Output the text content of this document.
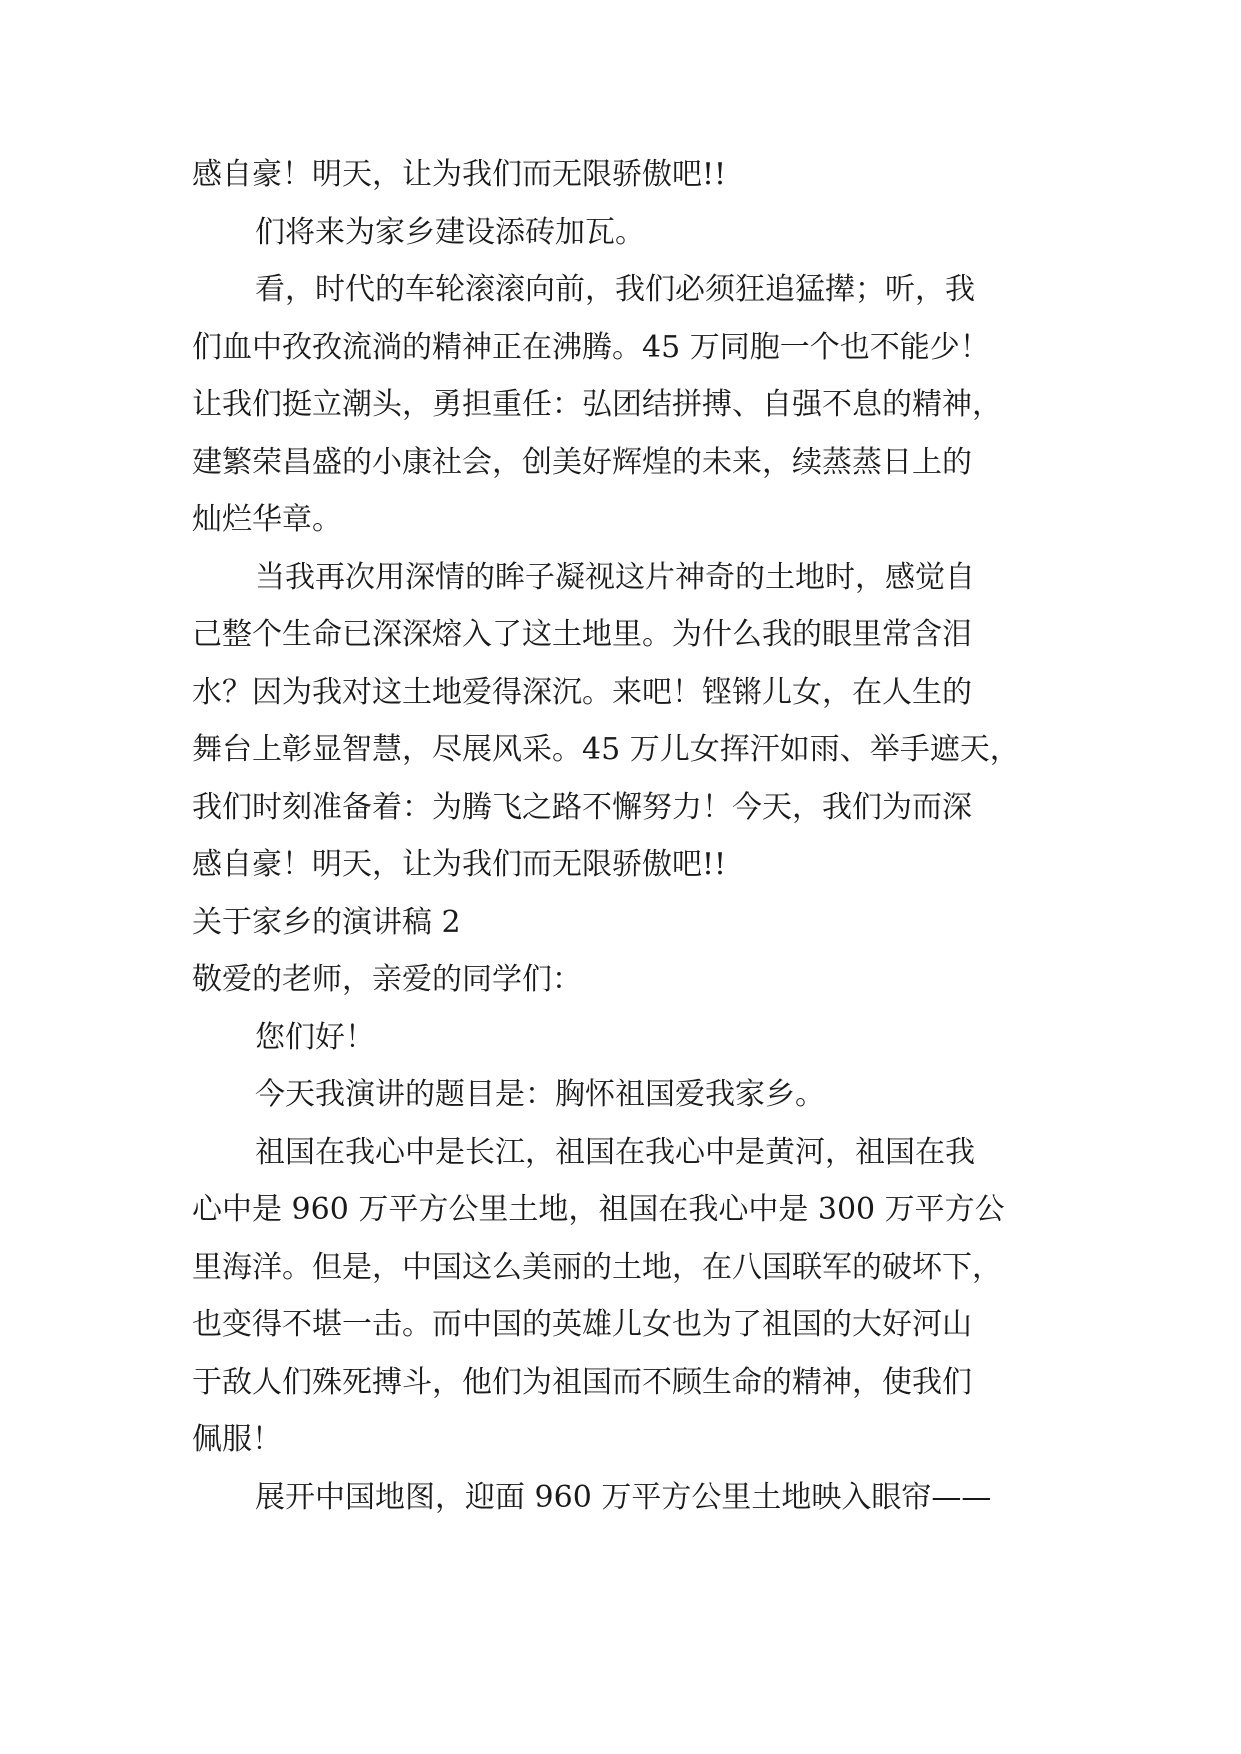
感自豪！明天，让为我们而无限骄傲吧!!
们将来为家乡建设添砖加瓦。
看，时代的车轮滚滚向前，我们必须狂追猛撵；听，我
们血中孜孜流淌的精神正在沸腾。45 万同胞一个也不能少！
让我们挺立潮头，勇担重任：弘团结拼搏、自强不息的精神，
建繁荣昌盛的小康社会，创美好辉煌的未来，续蒸蒸日上的
灿烂华章。
当我再次用深情的眸子凝视这片神奇的土地时，感觉自
己整个生命已深深熔入了这土地里。为什么我的眼里常含泪
水？因为我对这土地爱得深沉。来吧！铿锵儿女，在人生的
舞台上彰显智慧，尽展风采。45 万儿女挥汗如雨、举手遮天，
我们时刻准备着：为腾飞之路不懈努力！今天，我们为而深
感自豪！明天，让为我们而无限骄傲吧!!
关于家乡的演讲稿 2
敬爱的老师，亲爱的同学们：
您们好！
今天我演讲的题目是：胸怀祖国爱我家乡。
祖国在我心中是长江，祖国在我心中是黄河，祖国在我
心中是 960 万平方公里土地，祖国在我心中是 300 万平方公
里海洋。但是，中国这么美丽的土地，在八国联军的破坏下，
也变得不堪一击。而中国的英雄儿女也为了祖国的大好河山
于敌人们殊死搏斗，他们为祖国而不顾生命的精神，使我们
佩服！
展开中国地图，迎面 960 万平方公里土地映入眼帘——
